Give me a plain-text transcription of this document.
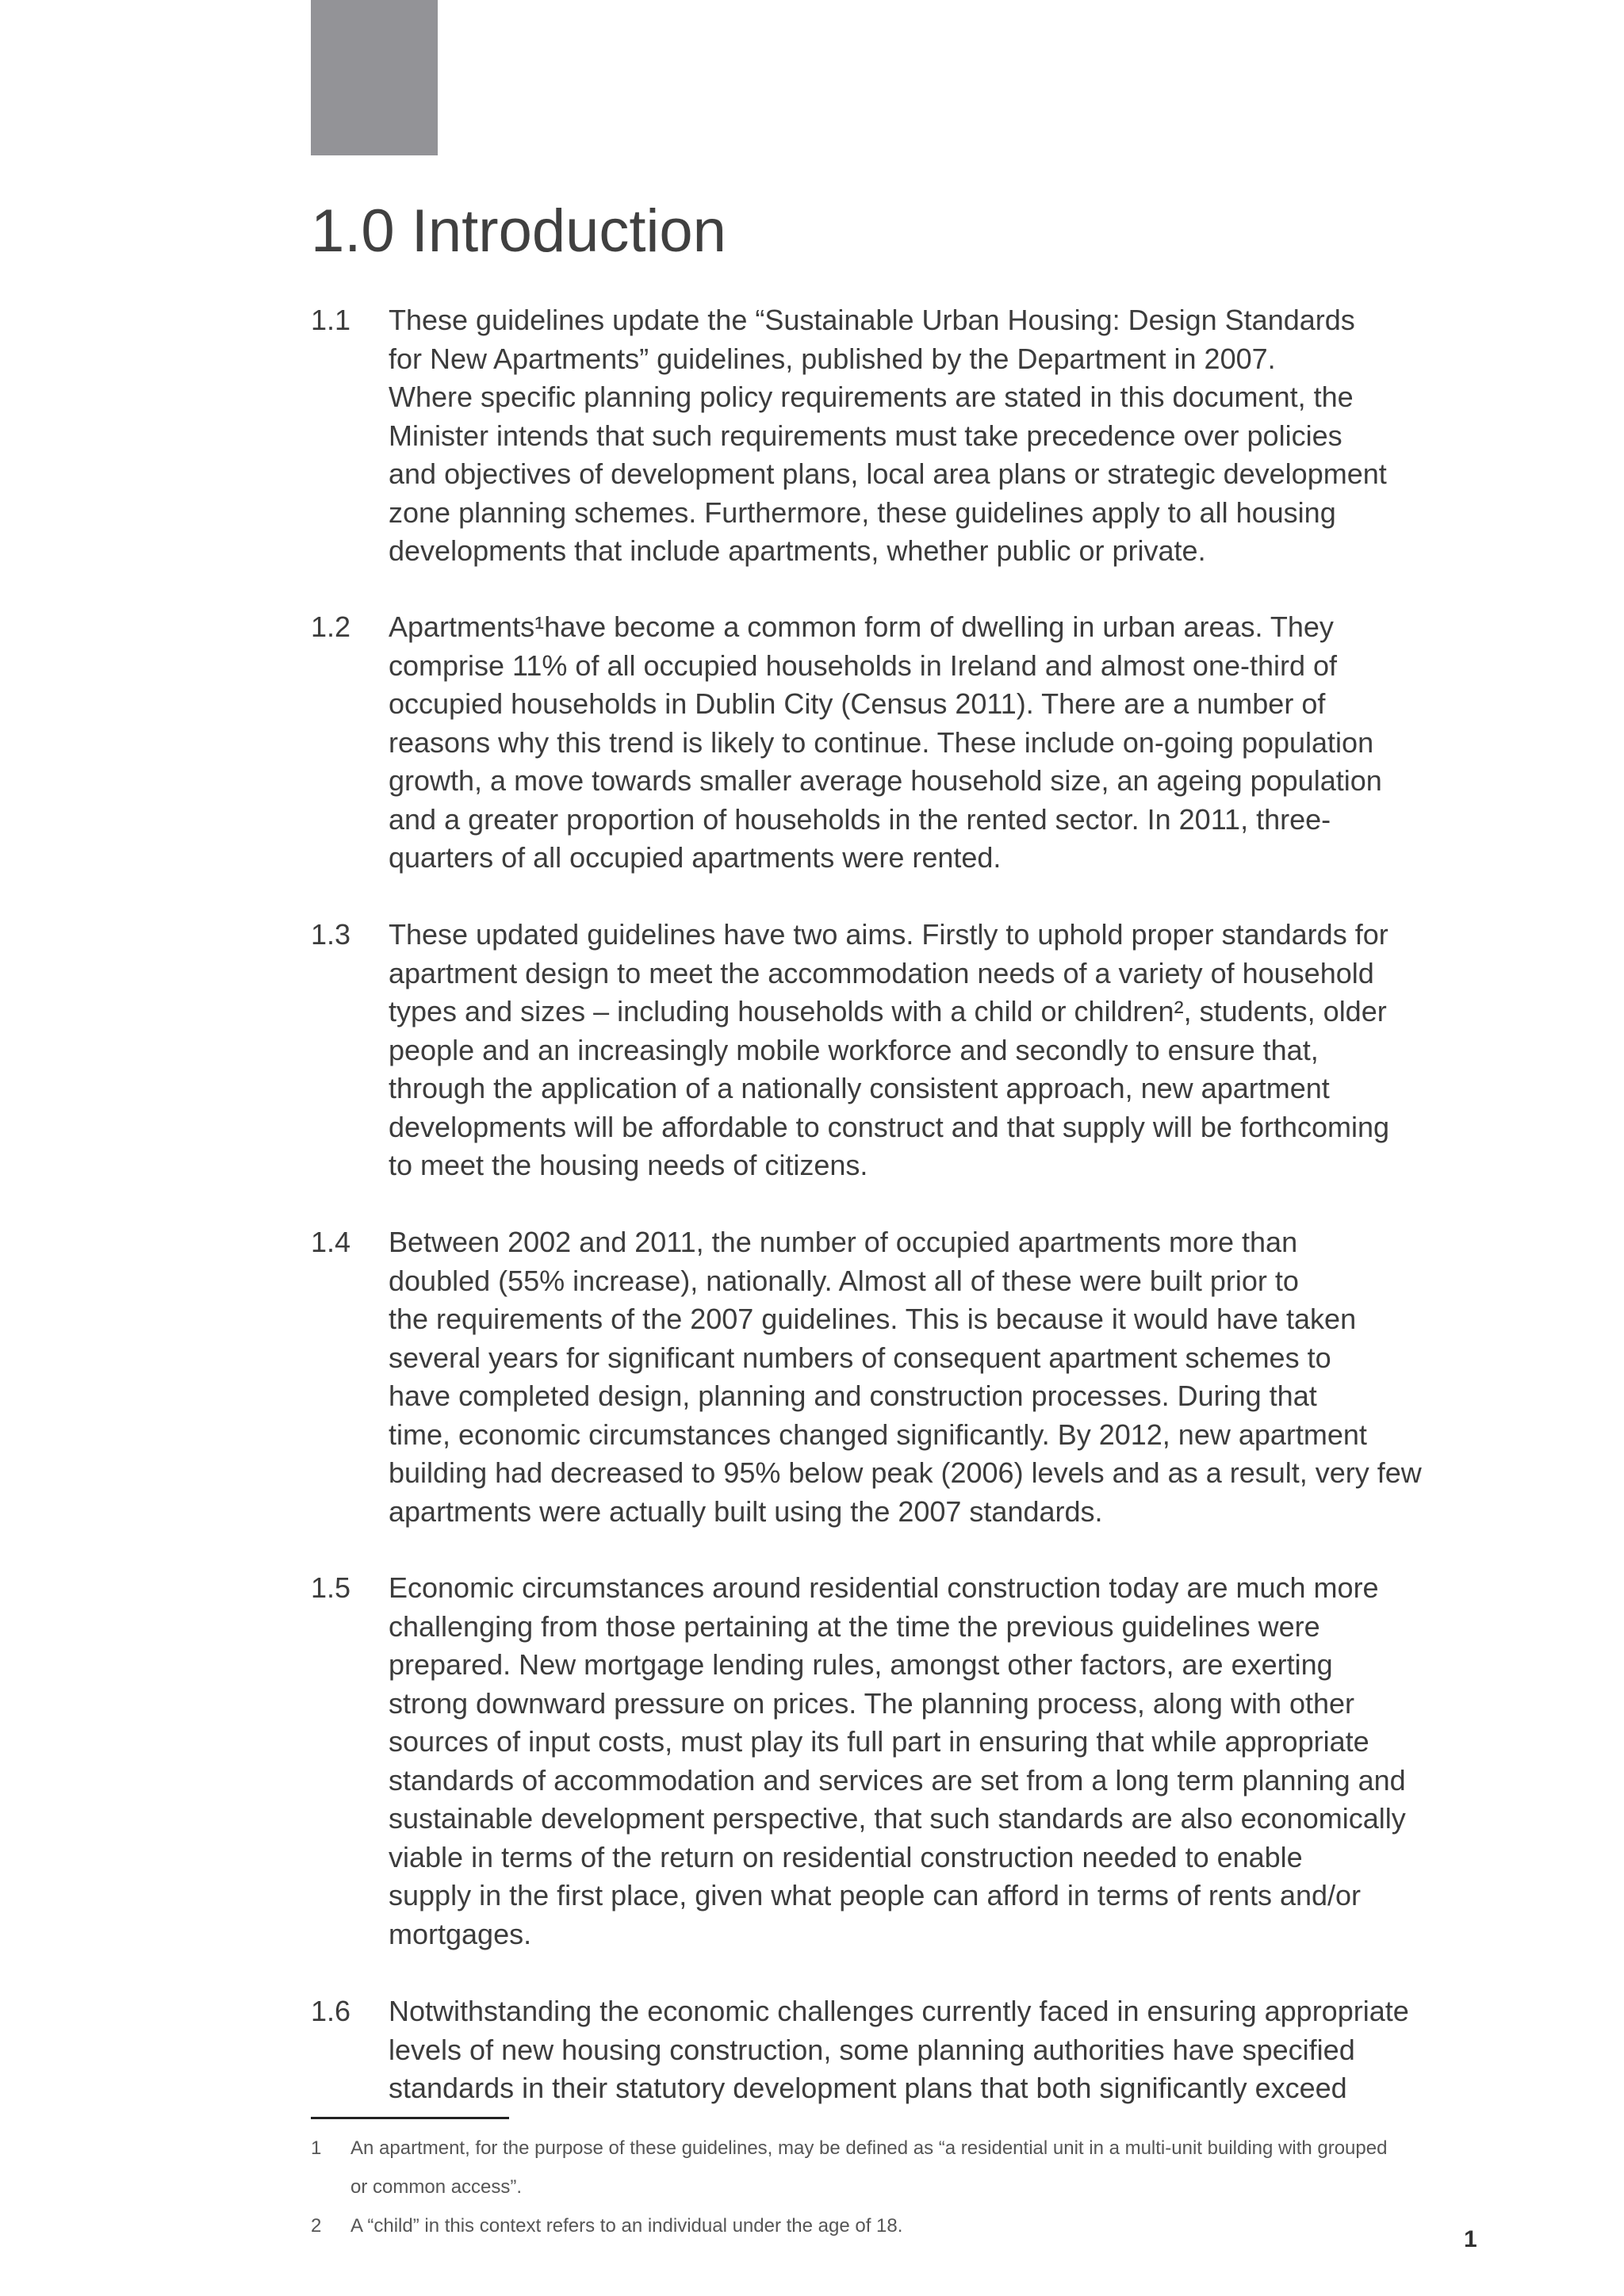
1.0 Introduction
1.1 These guidelines update the “Sustainable Urban Housing: Design Standards
for New Apartments” guidelines, published by the Department in 2007.
Where specific planning policy requirements are stated in this document, the
Minister intends that such requirements must take precedence over policies
and objectives of development plans, local area plans or strategic development
zone planning schemes. Furthermore, these guidelines apply to all housing
developments that include apartments, whether public or private.
1.2 Apartments¹have become a common form of dwelling in urban areas. They
comprise 11% of all occupied households in Ireland and almost one-third of
occupied households in Dublin City (Census 2011). There are a number of
reasons why this trend is likely to continue. These include on-going population
growth, a move towards smaller average household size, an ageing population
and a greater proportion of households in the rented sector. In 2011, three-
quarters of all occupied apartments were rented.
1.3 These updated guidelines have two aims. Firstly to uphold proper standards for
apartment design to meet the accommodation needs of a variety of household
types and sizes – including households with a child or children², students, older
people and an increasingly mobile workforce and secondly to ensure that,
through the application of a nationally consistent approach, new apartment
developments will be affordable to construct and that supply will be forthcoming
to meet the housing needs of citizens.
1.4 Between 2002 and 2011, the number of occupied apartments more than
doubled (55% increase), nationally. Almost all of these were built prior to
the requirements of the 2007 guidelines. This is because it would have taken
several years for significant numbers of consequent apartment schemes to
have completed design, planning and construction processes. During that
time, economic circumstances changed significantly. By 2012, new apartment
building had decreased to 95% below peak (2006) levels and as a result, very few
apartments were actually built using the 2007 standards.
1.5 Economic circumstances around residential construction today are much more
challenging from those pertaining at the time the previous guidelines were
prepared. New mortgage lending rules, amongst other factors, are exerting
strong downward pressure on prices. The planning process, along with other
sources of input costs, must play its full part in ensuring that while appropriate
standards of accommodation and services are set from a long term planning and
sustainable development perspective, that such standards are also economically
viable in terms of the return on residential construction needed to enable
supply in the first place, given what people can afford in terms of rents and/or
mortgages.
1.6 Notwithstanding the economic challenges currently faced in ensuring appropriate
levels of new housing construction, some planning authorities have specified
standards in their statutory development plans that both significantly exceed
1 An apartment, for the purpose of these guidelines, may be defined as “a residential unit in a multi-unit building with grouped
or common access”.
2 A “child” in this context refers to an individual under the age of 18.
1
